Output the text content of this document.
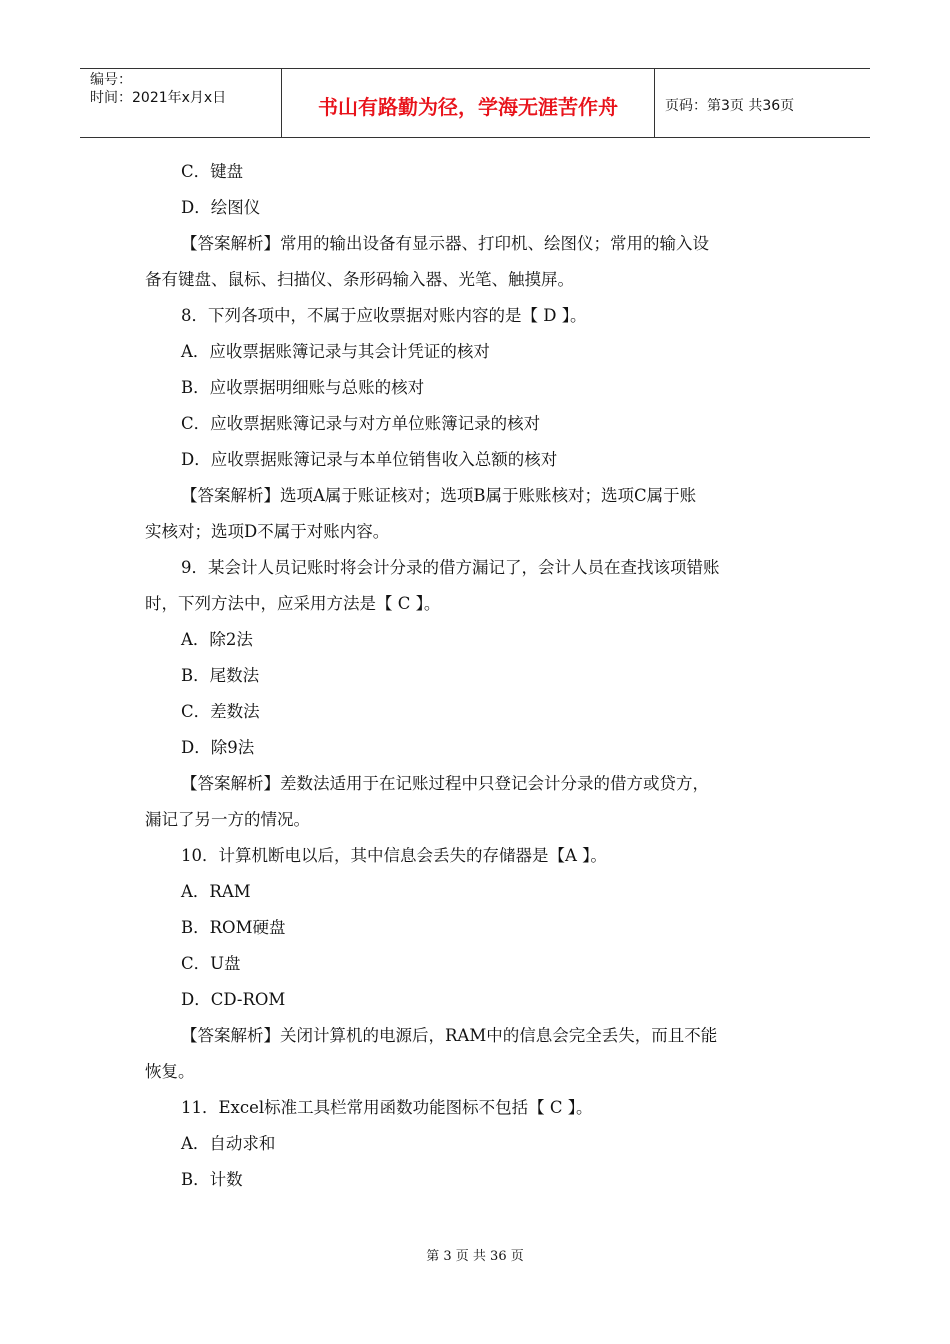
编号：
时间：2021年x月x日	书山有路勤为径，学海无涯苦作舟	页码：第3页 共36页
C．键盘
D．绘图仪
【答案解析】常用的输出设备有显示器、打印机、绘图仪；常用的输入设
备有键盘、鼠标、扫描仪、条形码输入器、光笔、触摸屏。
8．下列各项中，不属于应收票据对账内容的是【 D 】。
A．应收票据账簿记录与其会计凭证的核对
B．应收票据明细账与总账的核对
C．应收票据账簿记录与对方单位账簿记录的核对
D．应收票据账簿记录与本单位销售收入总额的核对
【答案解析】选项A属于账证核对；选项B属于账账核对；选项C属于账
实核对；选项D不属于对账内容。
9．某会计人员记账时将会计分录的借方漏记了，会计人员在查找该项错账
时，下列方法中，应采用方法是【 C 】。
A．除2法
B．尾数法
C．差数法
D．除9法
【答案解析】差数法适用于在记账过程中只登记会计分录的借方或贷方，
漏记了另一方的情况。
10．计算机断电以后，其中信息会丢失的存储器是【A 】。
A．RAM
B．ROM硬盘
C．U盘
D．CD-ROM
【答案解析】关闭计算机的电源后，RAM中的信息会完全丢失，而且不能
恢复。
11．Excel标准工具栏常用函数功能图标不包括【 C 】。
A．自动求和
B．计数
第 3 页 共 36 页
